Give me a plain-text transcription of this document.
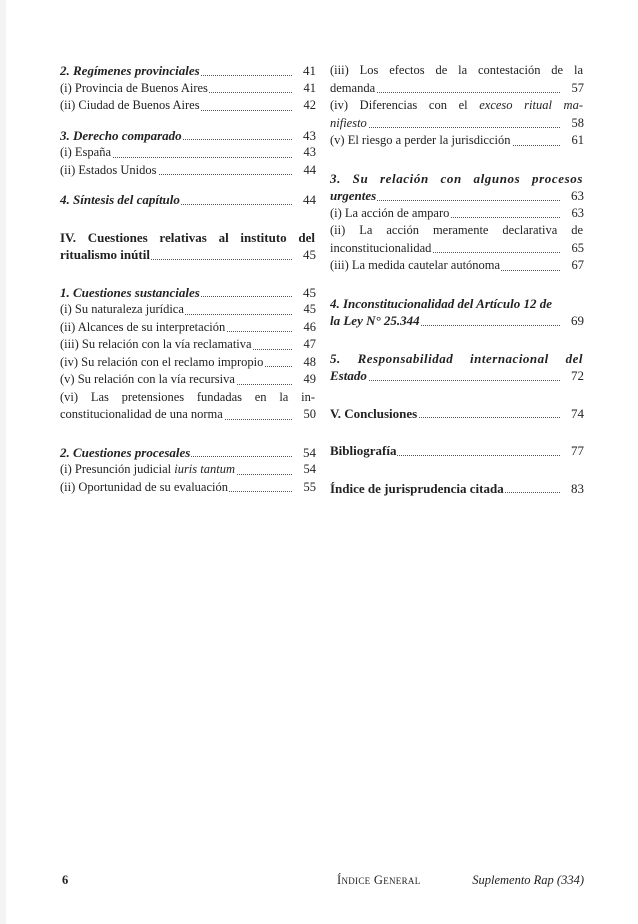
2. Regímenes provinciales	41
(i) Provincia de Buenos Aires	41
(ii) Ciudad de Buenos Aires	42
3. Derecho comparado	43
(i) España	43
(ii) Estados Unidos	44
4. Síntesis del capítulo	44
IV. Cuestiones relativas al instituto del
ritualismo inútil	45
1. Cuestiones sustanciales	45
(i) Su naturaleza jurídica	45
(ii) Alcances de su interpretación	46
(iii) Su relación con la vía reclamativa	47
(iv) Su relación con el reclamo impropio	48
(v) Su relación con la vía recursiva	49
(vi) Las pretensiones fundadas en la in-
constitucionalidad de una norma	50
2. Cuestiones procesales	54
(i) Presunción judicial iuris tantum	54
(ii) Oportunidad de su evaluación	55
(iii) Los efectos de la contestación de la
demanda	57
(iv) Diferencias con el exceso ritual ma-
nifiesto	58
(v) El riesgo a perder la jurisdicción	61
3. Su relación con algunos procesos
urgentes	63
(i) La acción de amparo	63
(ii) La acción meramente declarativa de
inconstitucionalidad	65
(iii) La medida cautelar autónoma	67
4. Inconstitucionalidad del Artículo 12 de
la Ley N° 25.344	69
5. Responsabilidad internacional del
Estado	72
V. Conclusiones	74
Bibliografía	77
Índice de jurisprudencia citada	83
6	Índice General	Suplemento Rap (334)
